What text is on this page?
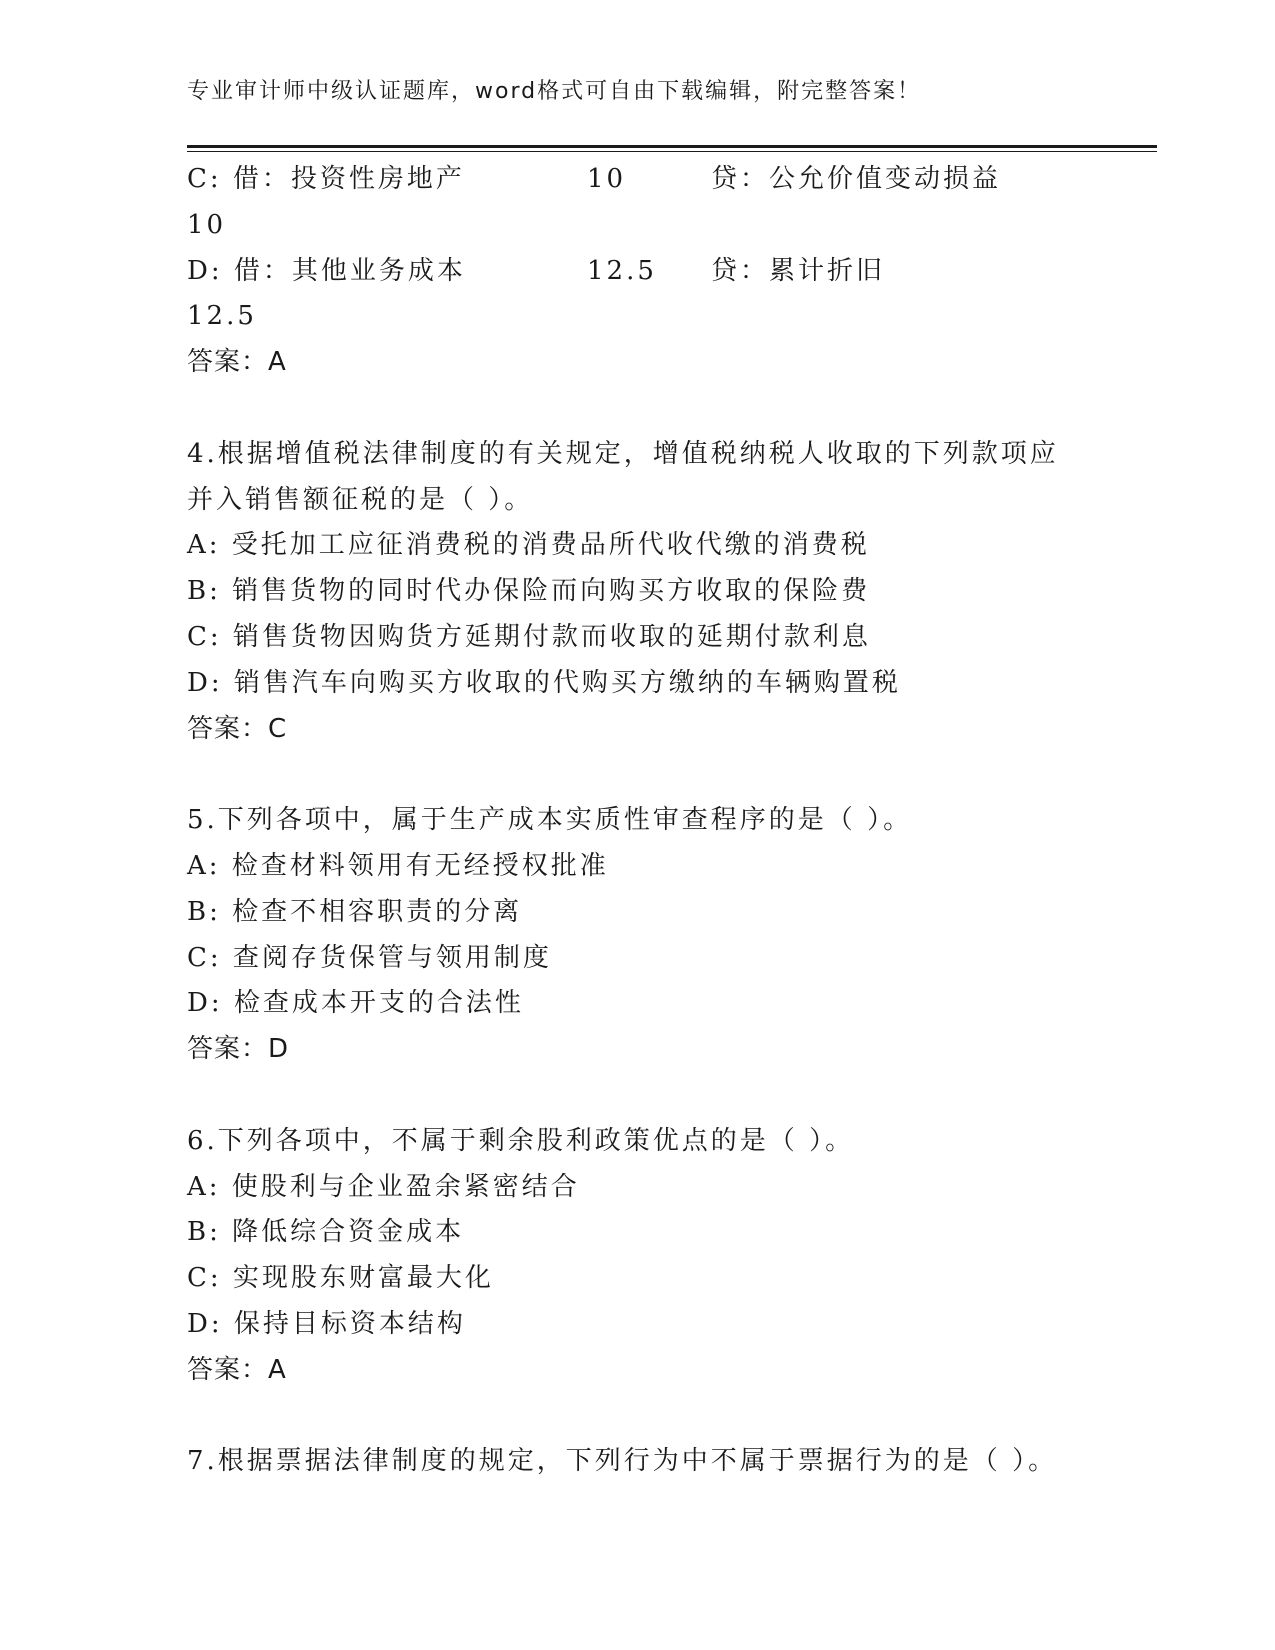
专业审计师中级认证题库，word格式可自由下载编辑，附完整答案！
C: 借：投资性房地产	10	贷：公允价值变动损益
10
D: 借：其他业务成本	12.5 贷：累计折旧
12.5
答案：A
4.根据增值税法律制度的有关规定，增值税纳税人收取的下列款项应
并入销售额征税的是（ ）。
A: 受托加工应征消费税的消费品所代收代缴的消费税
B: 销售货物的同时代办保险而向购买方收取的保险费
C: 销售货物因购货方延期付款而收取的延期付款利息
D: 销售汽车向购买方收取的代购买方缴纳的车辆购置税
答案：C
5.下列各项中，属于生产成本实质性审查程序的是（ ）。
A: 检查材料领用有无经授权批准
B: 检查不相容职责的分离
C: 查阅存货保管与领用制度
D: 检查成本开支的合法性
答案：D
6.下列各项中，不属于剩余股利政策优点的是（ ）。
A: 使股利与企业盈余紧密结合
B: 降低综合资金成本
C: 实现股东财富最大化
D: 保持目标资本结构
答案：A
7.根据票据法律制度的规定，下列行为中不属于票据行为的是（ ）。
